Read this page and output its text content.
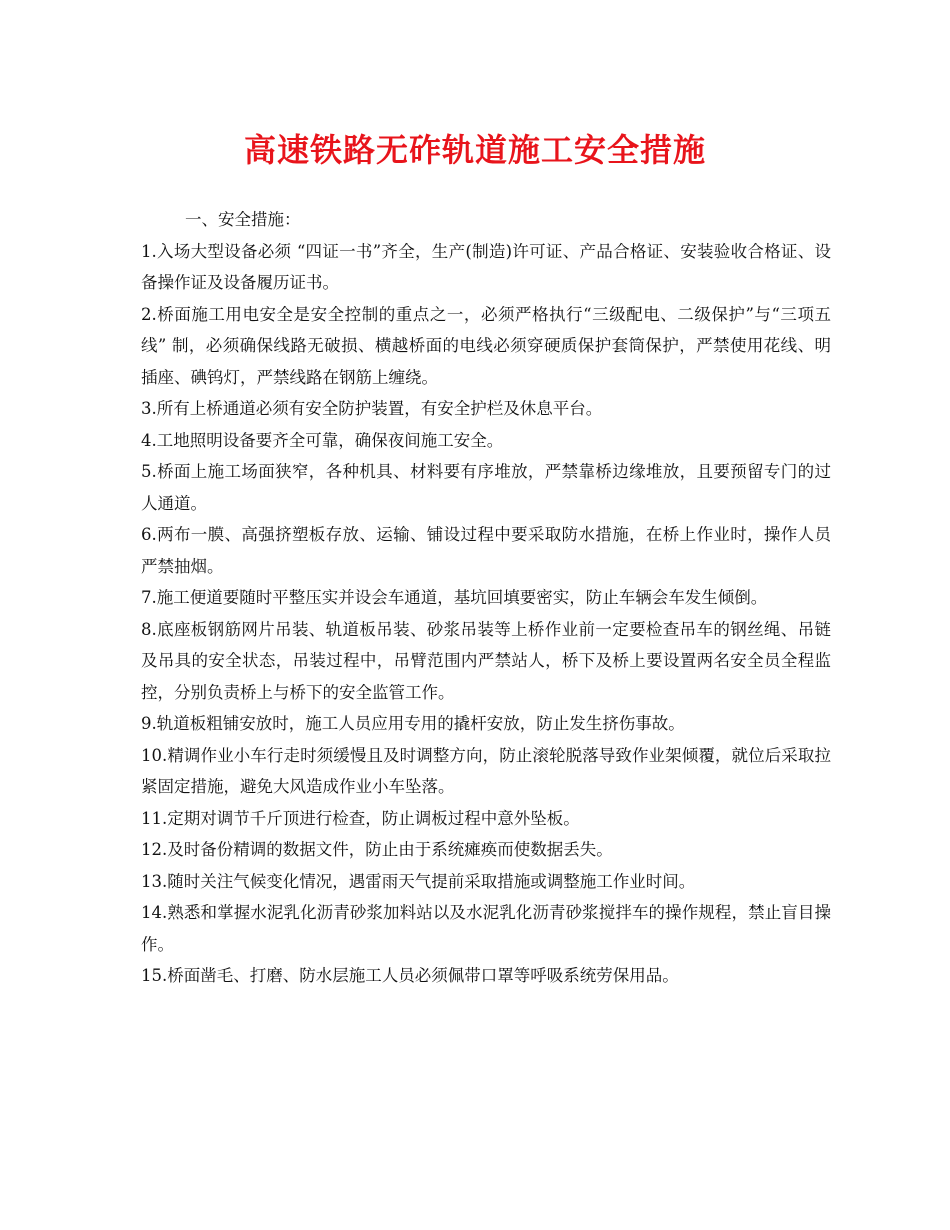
高速铁路无砟轨道施工安全措施

一、安全措施：

1.入场大型设备必须 “四证一书”齐全，生产(制造)许可证、产品合格证、安装验收合格证、设备操作证及设备履历证书。

2.桥面施工用电安全是安全控制的重点之一，必须严格执行“三级配电、二级保护”与“三项五线” 制，必须确保线路无破损、横越桥面的电线必须穿硬质保护套筒保护，严禁使用花线、明插座、碘钨灯，严禁线路在钢筋上缠绕。

3.所有上桥通道必须有安全防护装置，有安全护栏及休息平台。

4.工地照明设备要齐全可靠，确保夜间施工安全。

5.桥面上施工场面狭窄，各种机具、材料要有序堆放，严禁靠桥边缘堆放，且要预留专门的过人通道。

6.两布一膜、高强挤塑板存放、运输、铺设过程中要采取防水措施，在桥上作业时，操作人员严禁抽烟。

7.施工便道要随时平整压实并设会车通道，基坑回填要密实，防止车辆会车发生倾倒。

8.底座板钢筋网片吊装、轨道板吊装、砂浆吊装等上桥作业前一定要检查吊车的钢丝绳、吊链及吊具的安全状态，吊装过程中，吊臂范围内严禁站人，桥下及桥上要设置两名安全员全程监控，分别负责桥上与桥下的安全监管工作。

9.轨道板粗铺安放时，施工人员应用专用的撬杆安放，防止发生挤伤事故。

10.精调作业小车行走时须缓慢且及时调整方向，防止滚轮脱落导致作业架倾覆，就位后采取拉紧固定措施，避免大风造成作业小车坠落。

11.定期对调节千斤顶进行检查，防止调板过程中意外坠板。

12.及时备份精调的数据文件，防止由于系统瘫痪而使数据丢失。

13.随时关注气候变化情况，遇雷雨天气提前采取措施或调整施工作业时间。

14.熟悉和掌握水泥乳化沥青砂浆加料站以及水泥乳化沥青砂浆搅拌车的操作规程，禁止盲目操作。

15.桥面凿毛、打磨、防水层施工人员必须佩带口罩等呼吸系统劳保用品。
